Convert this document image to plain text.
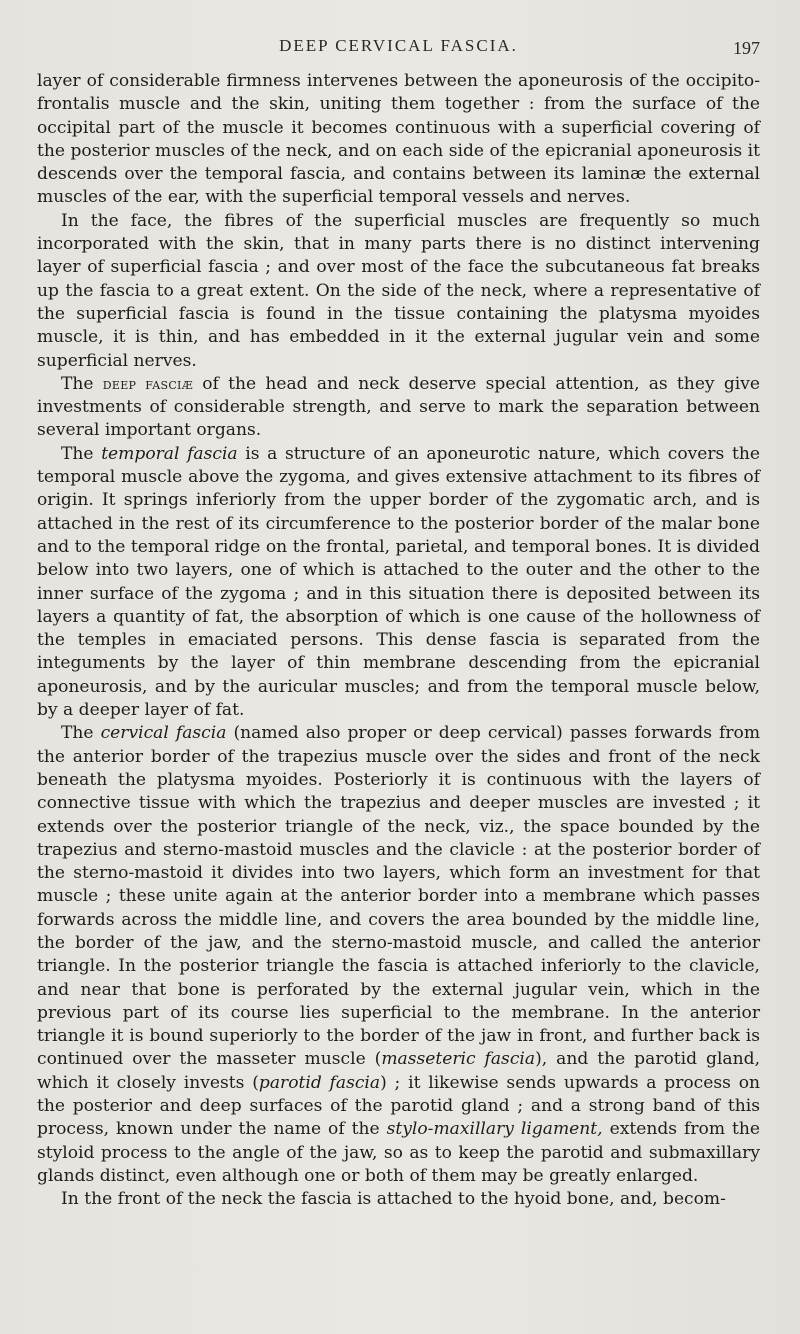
DEEP CERVICAL FASCIA.	197

layer of considerable firmness intervenes between the aponeurosis of the occipito-frontalis muscle and the skin, uniting them together : from the surface of the occipital part of the muscle it becomes continuous with a superficial covering of the posterior muscles of the neck, and on each side of the epicranial aponeurosis it descends over the temporal fascia, and contains between its laminæ the external muscles of the ear, with the superficial temporal vessels and nerves.

In the face, the fibres of the superficial muscles are frequently so much incorporated with the skin, that in many parts there is no distinct intervening layer of superficial fascia ; and over most of the face the subcutaneous fat breaks up the fascia to a great extent. On the side of the neck, where a representative of the superficial fascia is found in the tissue containing the platysma myoides muscle, it is thin, and has embedded in it the external jugular vein and some superficial nerves.

The deep fasciæ of the head and neck deserve special attention, as they give investments of considerable strength, and serve to mark the separation between several important organs.

The temporal fascia is a structure of an aponeurotic nature, which covers the temporal muscle above the zygoma, and gives extensive attachment to its fibres of origin. It springs inferiorly from the upper border of the zygomatic arch, and is attached in the rest of its circumference to the posterior border of the malar bone and to the temporal ridge on the frontal, parietal, and temporal bones. It is divided below into two layers, one of which is attached to the outer and the other to the inner surface of the zygoma ; and in this situation there is deposited between its layers a quantity of fat, the absorption of which is one cause of the hollowness of the temples in emaciated persons. This dense fascia is separated from the integuments by the layer of thin membrane descending from the epicranial aponeurosis, and by the auricular muscles; and from the temporal muscle below, by a deeper layer of fat.

The cervical fascia (named also proper or deep cervical) passes forwards from the anterior border of the trapezius muscle over the sides and front of the neck beneath the platysma myoides. Posteriorly it is continuous with the layers of connective tissue with which the trapezius and deeper muscles are invested ; it extends over the posterior triangle of the neck, viz., the space bounded by the trapezius and sterno-mastoid muscles and the clavicle : at the posterior border of the sterno-mastoid it divides into two layers, which form an investment for that muscle ; these unite again at the anterior border into a membrane which passes forwards across the middle line, and covers the area bounded by the middle line, the border of the jaw, and the sterno-mastoid muscle, and called the anterior triangle. In the posterior triangle the fascia is attached inferiorly to the clavicle, and near that bone is perforated by the external jugular vein, which in the previous part of its course lies superficial to the membrane. In the anterior triangle it is bound superiorly to the border of the jaw in front, and further back is continued over the masseter muscle (masseteric fascia), and the parotid gland, which it closely invests (parotid fascia) ; it likewise sends upwards a process on the posterior and deep surfaces of the parotid gland ; and a strong band of this process, known under the name of the stylo-maxillary ligament, extends from the styloid process to the angle of the jaw, so as to keep the parotid and submaxillary glands distinct, even although one or both of them may be greatly enlarged.

In the front of the neck the fascia is attached to the hyoid bone, and, becom-
